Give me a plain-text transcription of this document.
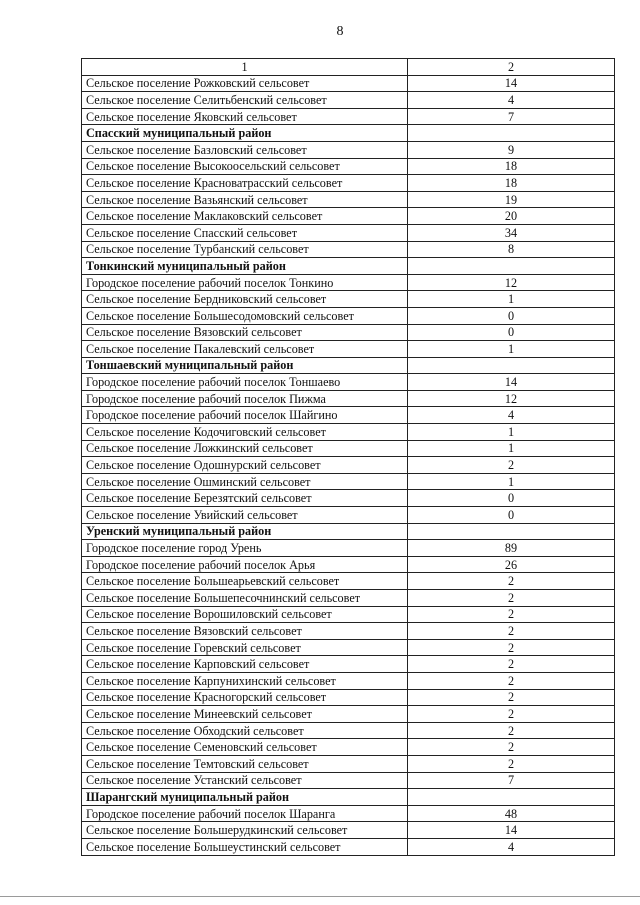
8
1	2
Сельское поселение Рожковский сельсовет	14
Сельское поселение Селитьбенский сельсовет	4
Сельское поселение Яковский сельсовет	7
Спасский муниципальный район	
Сельское поселение Базловский сельсовет	9
Сельское поселение Высокоосельский сельсовет	18
Сельское поселение Красноватрасский сельсовет	18
Сельское поселение Вазьянский сельсовет	19
Сельское поселение Маклаковский сельсовет	20
Сельское поселение Спасский сельсовет	34
Сельское поселение Турбанский сельсовет	8
Тонкинский муниципальный район	
Городское поселение рабочий поселок Тонкино	12
Сельское поселение Бердниковский сельсовет	1
Сельское поселение Большесодомовский сельсовет	0
Сельское поселение Вязовский сельсовет	0
Сельское поселение Пакалевский сельсовет	1
Тоншаевский муниципальный район	
Городское поселение рабочий поселок Тоншаево	14
Городское поселение рабочий поселок Пижма	12
Городское поселение рабочий поселок Шайгино	4
Сельское поселение Кодочиговский сельсовет	1
Сельское поселение Ложкинский сельсовет	1
Сельское поселение Одошнурский сельсовет	2
Сельское поселение Ошминский сельсовет	1
Сельское поселение Березятский сельсовет	0
Сельское поселение Увийский сельсовет	0
Уренский муниципальный район	
Городское поселение город Урень	89
Городское поселение рабочий поселок Арья	26
Сельское поселение Большеарьевский сельсовет	2
Сельское поселение Большепесочнинский сельсовет	2
Сельское поселение Ворошиловский сельсовет	2
Сельское поселение Вязовский сельсовет	2
Сельское поселение Горевский сельсовет	2
Сельское поселение Карповский сельсовет	2
Сельское поселение Карпунихинский сельсовет	2
Сельское поселение Красногорский сельсовет	2
Сельское поселение Минеевский сельсовет	2
Сельское поселение Обходский сельсовет	2
Сельское поселение Семеновский сельсовет	2
Сельское поселение Темтовский сельсовет	2
Сельское поселение Устанский сельсовет	7
Шарангский муниципальный район	
Городское поселение рабочий поселок Шаранга	48
Сельское поселение Большерудкинский сельсовет	14
Сельское поселение Большеустинский сельсовет	4
